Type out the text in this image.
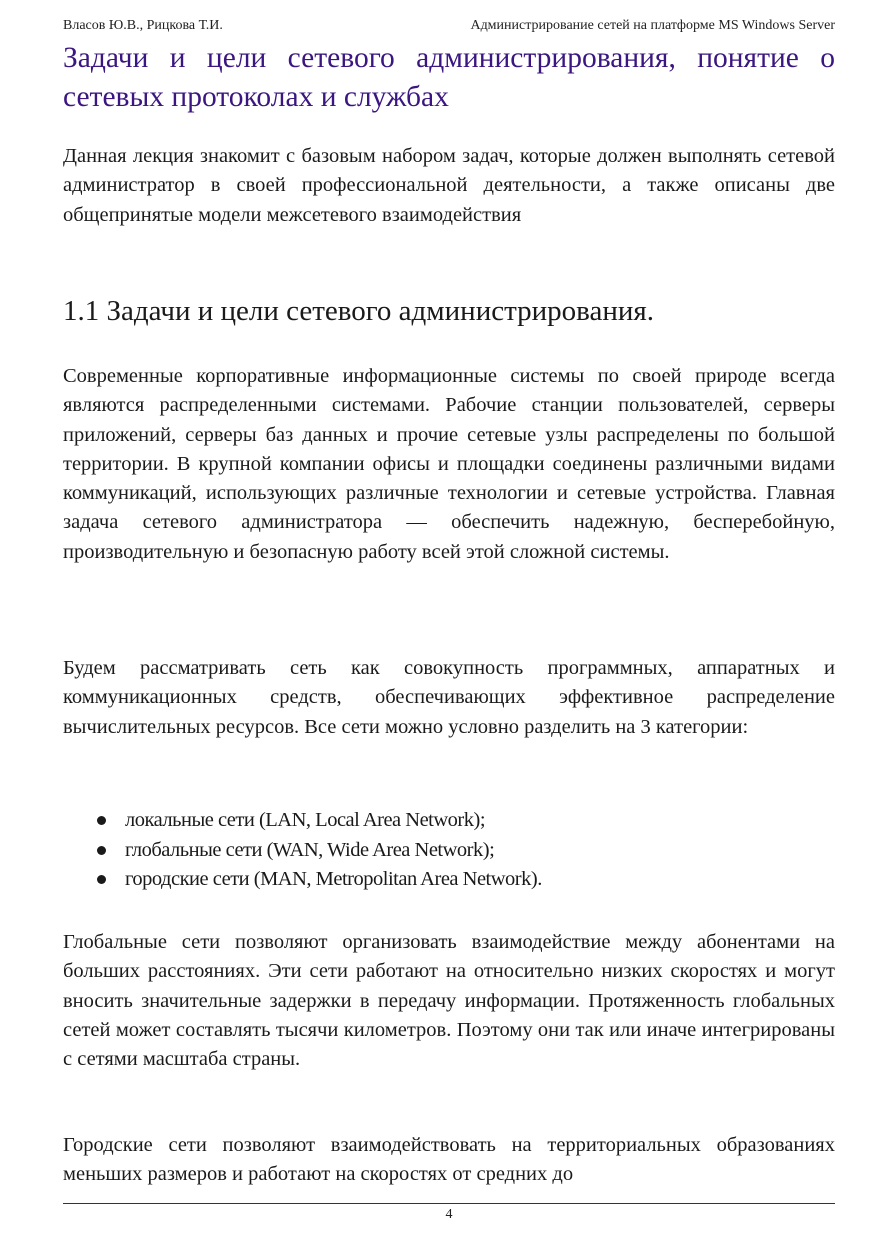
Власов Ю.В., Рицкова Т.И.	Администрирование сетей на платформе MS Windows Server
Задачи и цели сетевого администрирования, понятие о сетевых протоколах и службах

Данная лекция знакомит с базовым набором задач, которые должен выполнять сетевой администратор в своей профессиональной деятельности, а также описаны две общепринятые модели межсетевого взаимодействия

1.1 Задачи и цели сетевого администрирования.

Современные корпоративные информационные системы по своей природе всегда являются распределенными системами. Рабочие станции пользователей, серверы приложений, серверы баз данных и прочие сетевые узлы распределены по большой территории. В крупной компании офисы и площадки соединены различными видами коммуникаций, использующих различные технологии и сетевые устройства. Главная задача сетевого администратора — обеспечить надежную, бесперебойную, производительную и безопасную работу всей этой сложной системы.

Будем рассматривать сеть как совокупность программных, аппаратных и коммуникационных средств, обеспечивающих эффективное распределение вычислительных ресурсов. Все сети можно условно разделить на 3 категории:

локальные сети (LAN, Local Area Network);
глобальные сети (WAN, Wide Area Network);
городские сети (MAN, Metropolitan Area Network).

Глобальные сети позволяют организовать взаимодействие между абонентами на больших расстояниях. Эти сети работают на относительно низких скоростях и могут вносить значительные задержки в передачу информации. Протяженность глобальных сетей может составлять тысячи километров. Поэтому они так или иначе интегрированы с сетями масштаба страны.

Городские сети позволяют взаимодействовать на территориальных образованиях меньших размеров и работают на скоростях от средних до

4
